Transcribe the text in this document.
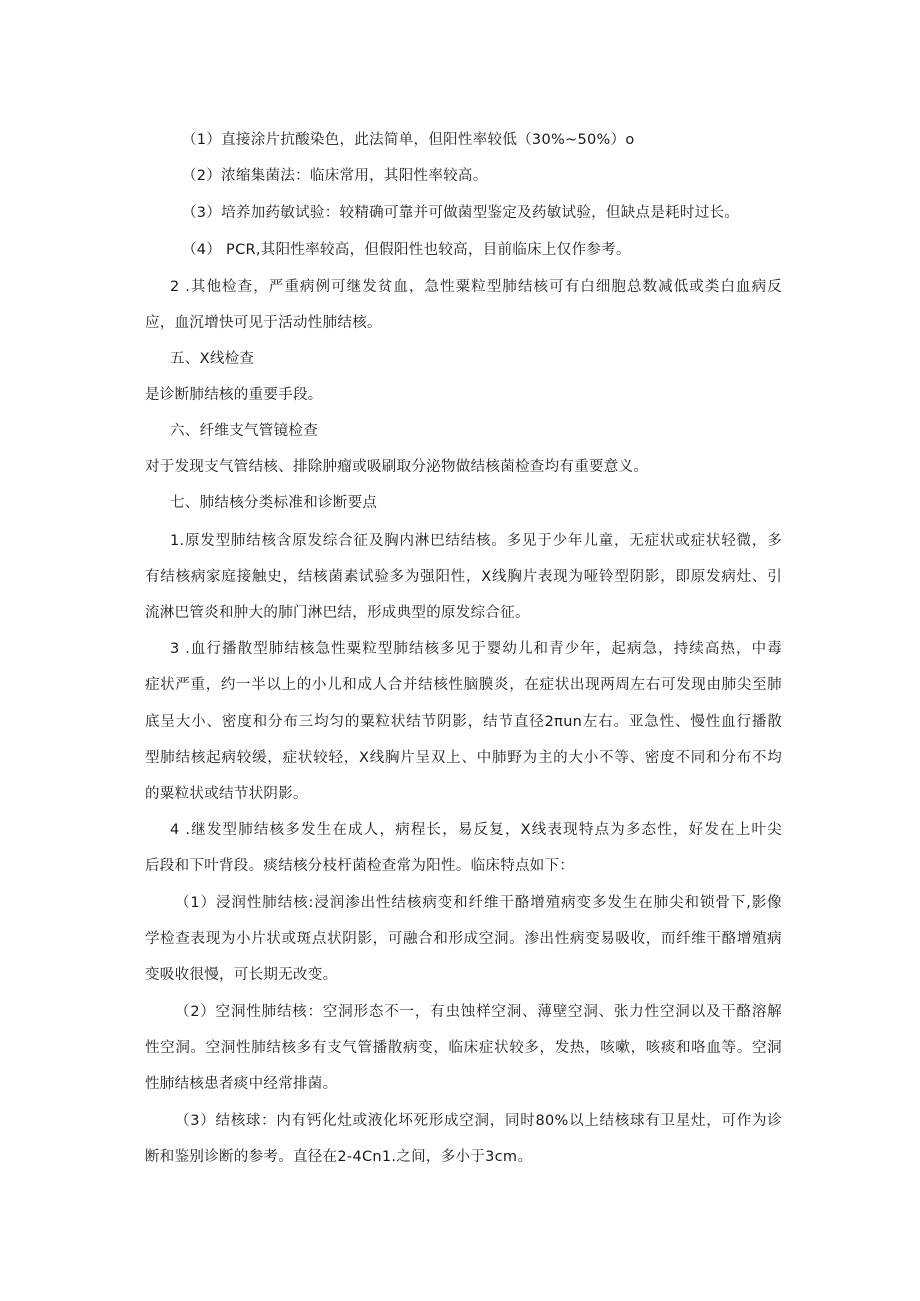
（1）直接涂片抗酸染色，此法简单，但阳性率较低（30%~50%）o
（2）浓缩集菌法：临床常用，其阳性率较高。
（3）培养加药敏试验：较精确可靠并可做菌型鉴定及药敏试验，但缺点是耗时过长。
（4） PCR,其阳性率较高，但假阳性也较高，目前临床上仅作参考。
2 .其他检查，严重病例可继发贫血，急性粟粒型肺结核可有白细胞总数减低或类白血病反
应，血沉增快可见于活动性肺结核。
五、X线检查
是诊断肺结核的重要手段。
六、纤维支气管镜检查
对于发现支气管结核、排除肿瘤或吸刷取分泌物做结核菌检查均有重要意义。
七、肺结核分类标准和诊断要点
1.原发型肺结核含原发综合征及胸内淋巴结结核。多见于少年儿童，无症状或症状轻微，多
有结核病家庭接触史，结核菌素试验多为强阳性，X线胸片表现为哑铃型阴影，即原发病灶、引
流淋巴管炎和肿大的肺门淋巴结，形成典型的原发综合征。
3 .血行播散型肺结核急性粟粒型肺结核多见于婴幼儿和青少年，起病急，持续高热，中毒
症状严重，约一半以上的小儿和成人合并结核性脑膜炎，在症状出现两周左右可发现由肺尖至肺
底呈大小、密度和分布三均匀的粟粒状结节阴影，结节直径2πun左右。亚急性、慢性血行播散
型肺结核起病较缓，症状较轻，X线胸片呈双上、中肺野为主的大小不等、密度不同和分布不均
的粟粒状或结节状阴影。
4 .继发型肺结核多发生在成人，病程长，易反复，X线表现特点为多态性，好发在上叶尖
后段和下叶背段。痰结核分枝杆菌检查常为阳性。临床特点如下：
（1）浸润性肺结核:浸润渗出性结核病变和纤维干酪增殖病变多发生在肺尖和锁骨下,影像
学检查表现为小片状或斑点状阴影，可融合和形成空洞。渗出性病变易吸收，而纤维干酪增殖病
变吸收很慢，可长期无改变。
（2）空洞性肺结核：空洞形态不一，有虫蚀样空洞、薄壁空洞、张力性空洞以及干酪溶解
性空洞。空洞性肺结核多有支气管播散病变，临床症状较多，发热，咳嗽，咳痰和咯血等。空洞
性肺结核患者痰中经常排菌。
（3）结核球：内有钙化灶或液化坏死形成空洞，同时80%以上结核球有卫星灶，可作为诊
断和鉴别诊断的参考。直径在2-4Cn1.之间，多小于3cm。
